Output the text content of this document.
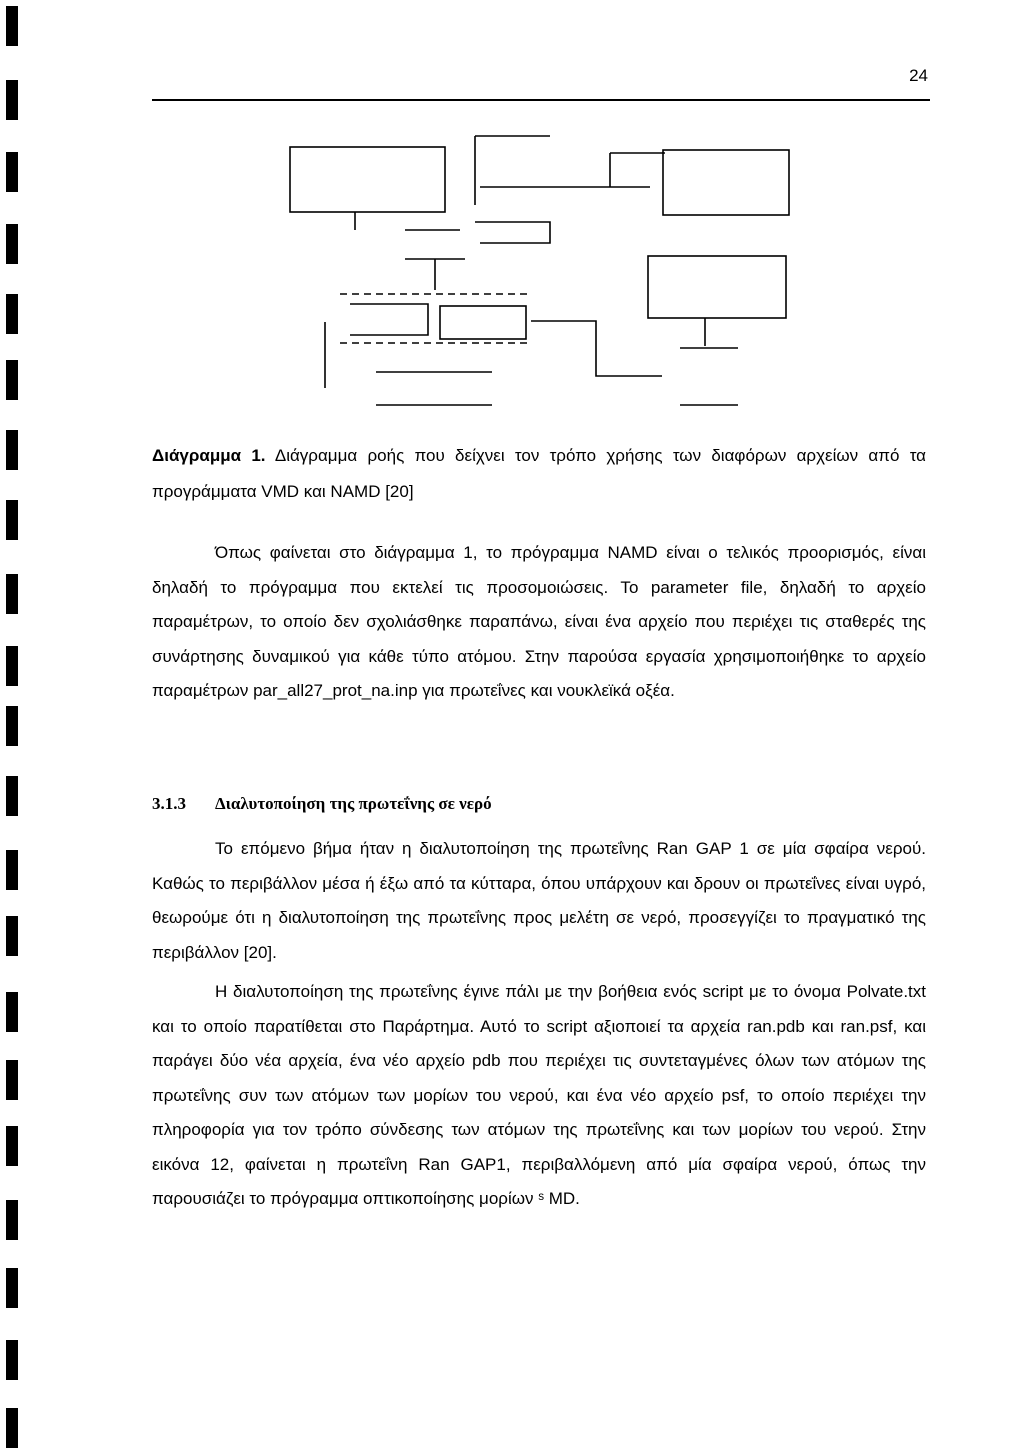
24

Διάγραμμα 1. Διάγραμμα ροής που δείχνει τον τρόπο χρήσης των διαφόρων αρχείων από τα προγράμματα VMD και NAMD [20]

Όπως φαίνεται στο διάγραμμα 1, το πρόγραμμα NAMD είναι ο τελικός προορισμός, είναι δηλαδή το πρόγραμμα που εκτελεί τις προσομοιώσεις. Το parameter file, δηλαδή το αρχείο παραμέτρων, το οποίο δεν σχολιάσθηκε παραπάνω, είναι ένα αρχείο που περιέχει τις σταθερές της συνάρτησης δυναμικού για κάθε τύπο ατόμου. Στην παρούσα εργασία χρησιμοποιήθηκε το αρχείο παραμέτρων par_all27_prot_na.inp για πρωτεΐνες και νουκλεϊκά οξέα.

3.1.3 Διαλυτοποίηση της πρωτεΐνης σε νερό

Το επόμενο βήμα ήταν η διαλυτοποίηση της πρωτεΐνης Ran GAP 1 σε μία σφαίρα νερού. Καθώς το περιβάλλον μέσα ή έξω από τα κύτταρα, όπου υπάρχουν και δρουν οι πρωτεΐνες είναι υγρό, θεωρούμε ότι η διαλυτοποίηση της πρωτεΐνης προς μελέτη σε νερό, προσεγγίζει το πραγματικό της περιβάλλον [20].

Η διαλυτοποίηση της πρωτεΐνης έγινε πάλι με την βοήθεια ενός script με το όνομα Polvate.txt και το οποίο παρατίθεται στο Παράρτημα. Αυτό το script αξιοποιεί τα αρχεία ran.pdb και ran.psf, και παράγει δύο νέα αρχεία, ένα νέο αρχείο pdb που περιέχει τις συντεταγμένες όλων των ατόμων της πρωτεΐνης συν των ατόμων των μορίων του νερού, και ένα νέο αρχείο psf, το οποίο περιέχει την πληροφορία για τον τρόπο σύνδεσης των ατόμων της πρωτεΐνης και των μορίων του νερού. Στην εικόνα 12, φαίνεται η πρωτεΐνη Ran GAP1, περιβαλλόμενη από μία σφαίρα νερού, όπως την παρουσιάζει το πρόγραμμα οπτικοποίησης μορίων ˢ MD.
